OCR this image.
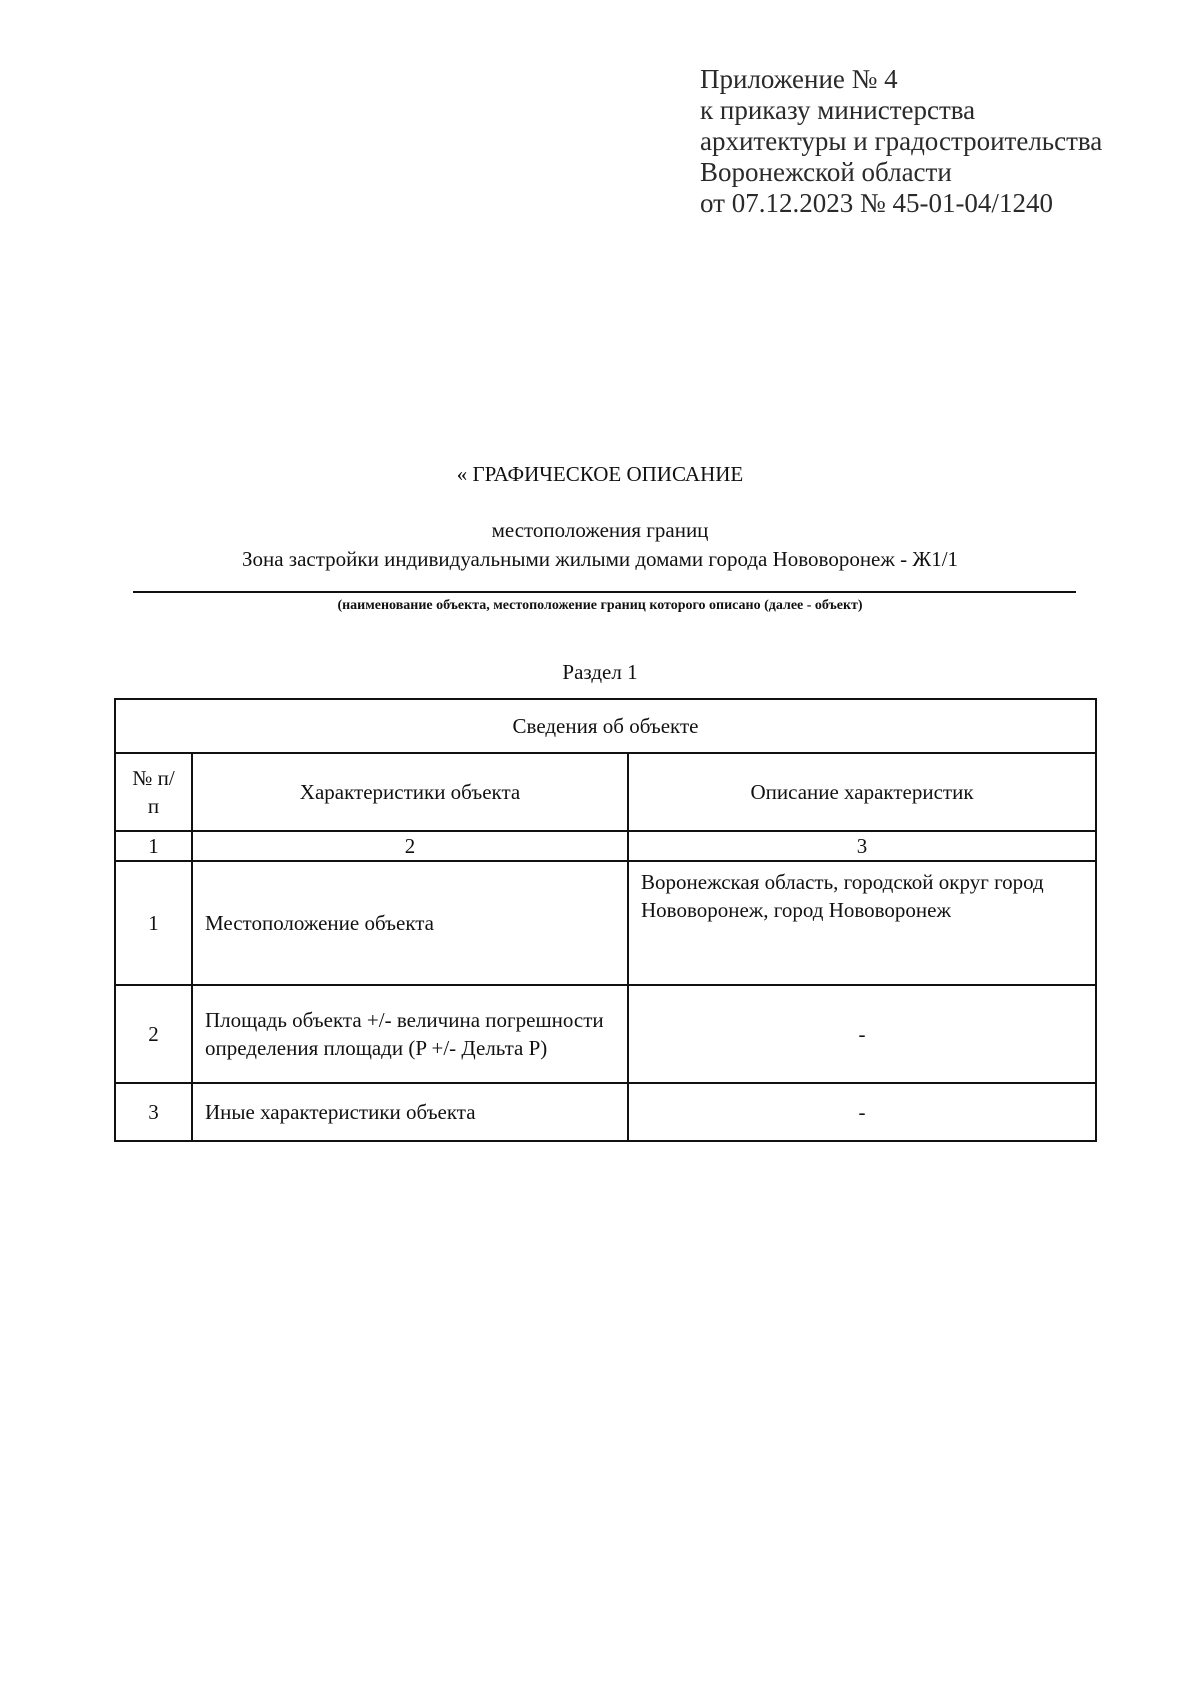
Приложение № 4
к приказу министерства
архитектуры и градостроительства
Воронежской области
от 07.12.2023 № 45-01-04/1240
« ГРАФИЧЕСКОЕ ОПИСАНИЕ
местоположения границ
Зона застройки индивидуальными жилыми домами города Нововоронеж - Ж1/1
(наименование объекта, местоположение границ которого описано (далее - объект)
Раздел 1
Сведения об объекте		
№ п/п	Характеристики объекта	Описание характеристик
1	2	3
1	Местоположение объекта	Воронежская область, городской округ город Нововоронеж, город Нововоронеж
2	Площадь объекта +/- величина погрешности определения площади (P +/- Дельта P)	-
3	Иные характеристики объекта	-
